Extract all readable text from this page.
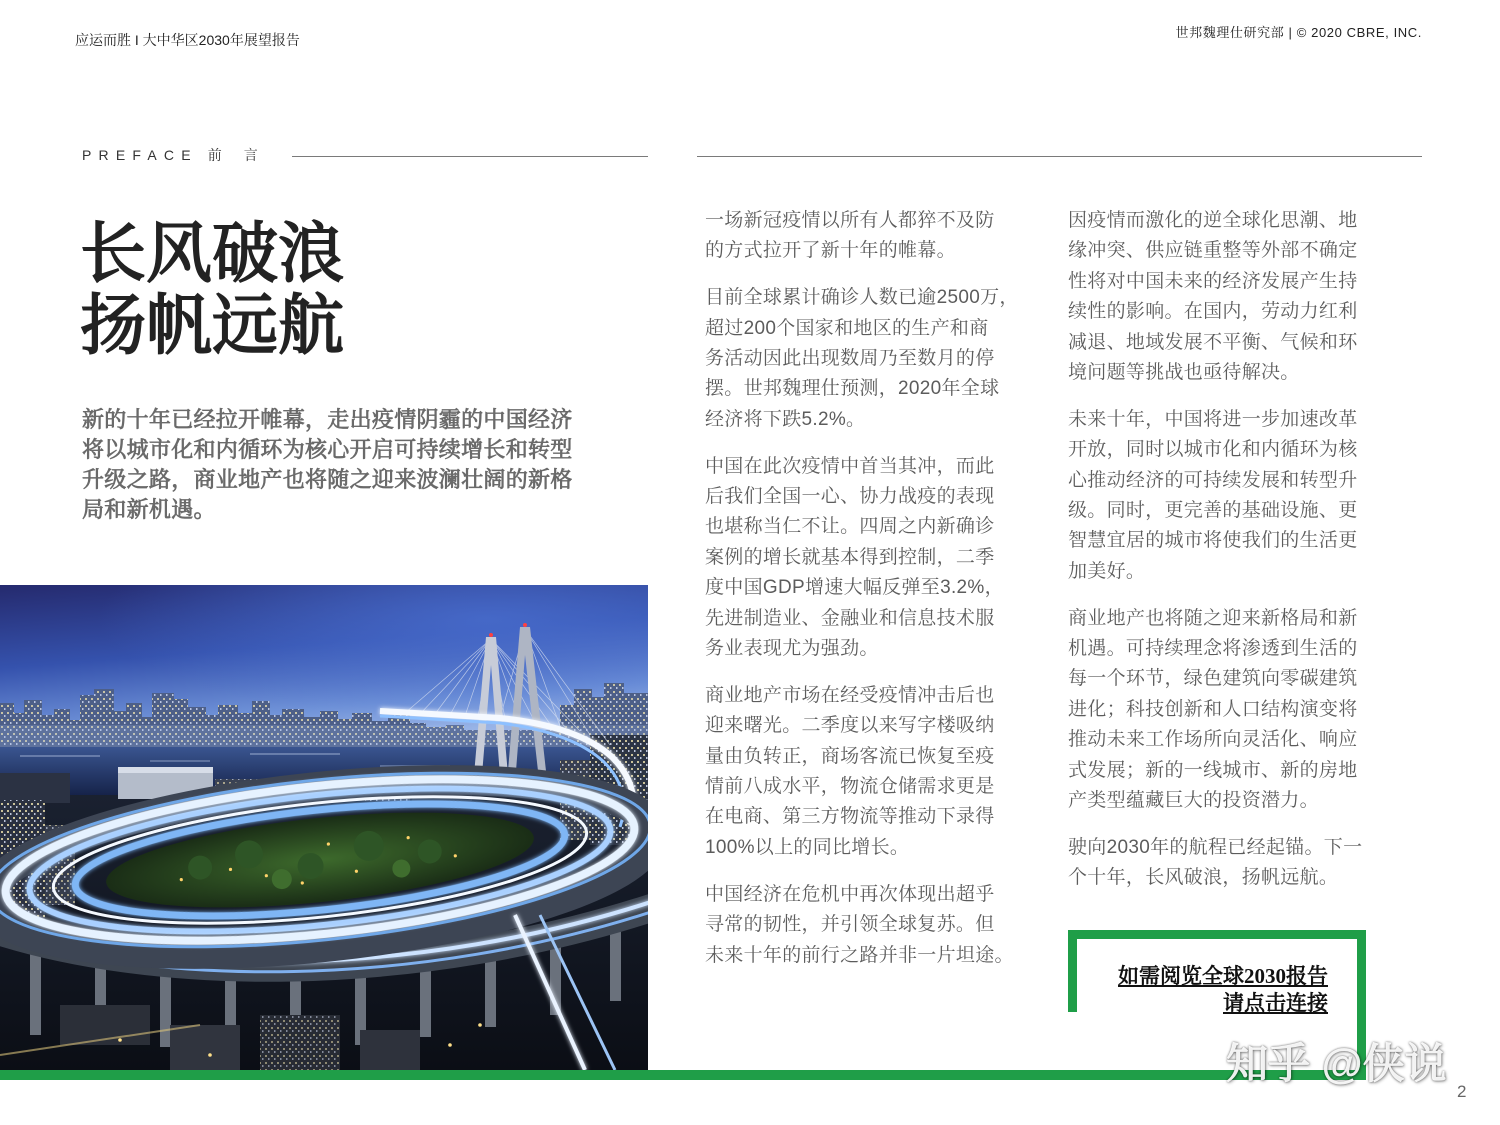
应运而胜 I 大中华区2030年展望报告	世邦魏理仕研究部 | © 2020 CBRE, INC.
PREFACE 前言
长风破浪
扬帆远航
新的十年已经拉开帷幕，走出疫情阴霾的中国经济
将以城市化和内循环为核心开启可持续增长和转型
升级之路，商业地产也将随之迎来波澜壮阔的新格
局和新机遇。

一场新冠疫情以所有人都猝不及防
的方式拉开了新十年的帷幕。

目前全球累计确诊人数已逾2500万，
超过200个国家和地区的生产和商
务活动因此出现数周乃至数月的停
摆。世邦魏理仕预测，2020年全球
经济将下跌5.2%。

中国在此次疫情中首当其冲，而此
后我们全国一心、协力战疫的表现
也堪称当仁不让。四周之内新确诊
案例的增长就基本得到控制，二季
度中国GDP增速大幅反弹至3.2%，
先进制造业、金融业和信息技术服
务业表现尤为强劲。

商业地产市场在经受疫情冲击后也
迎来曙光。二季度以来写字楼吸纳
量由负转正，商场客流已恢复至疫
情前八成水平，物流仓储需求更是
在电商、第三方物流等推动下录得
100%以上的同比增长。

中国经济在危机中再次体现出超乎
寻常的韧性，并引领全球复苏。但
未来十年的前行之路并非一片坦途。

因疫情而激化的逆全球化思潮、地
缘冲突、供应链重整等外部不确定
性将对中国未来的经济发展产生持
续性的影响。在国内，劳动力红利
减退、地域发展不平衡、气候和环
境问题等挑战也亟待解决。

未来十年，中国将进一步加速改革
开放，同时以城市化和内循环为核
心推动经济的可持续发展和转型升
级。同时，更完善的基础设施、更
智慧宜居的城市将使我们的生活更
加美好。

商业地产也将随之迎来新格局和新
机遇。可持续理念将渗透到生活的
每一个环节，绿色建筑向零碳建筑
进化；科技创新和人口结构演变将
推动未来工作场所向灵活化、响应
式发展；新的一线城市、新的房地
产类型蕴藏巨大的投资潜力。

驶向2030年的航程已经起锚。下一
个十年，长风破浪，扬帆远航。

如需阅览全球2030报告
请点击连接
知乎 @侠说
2
